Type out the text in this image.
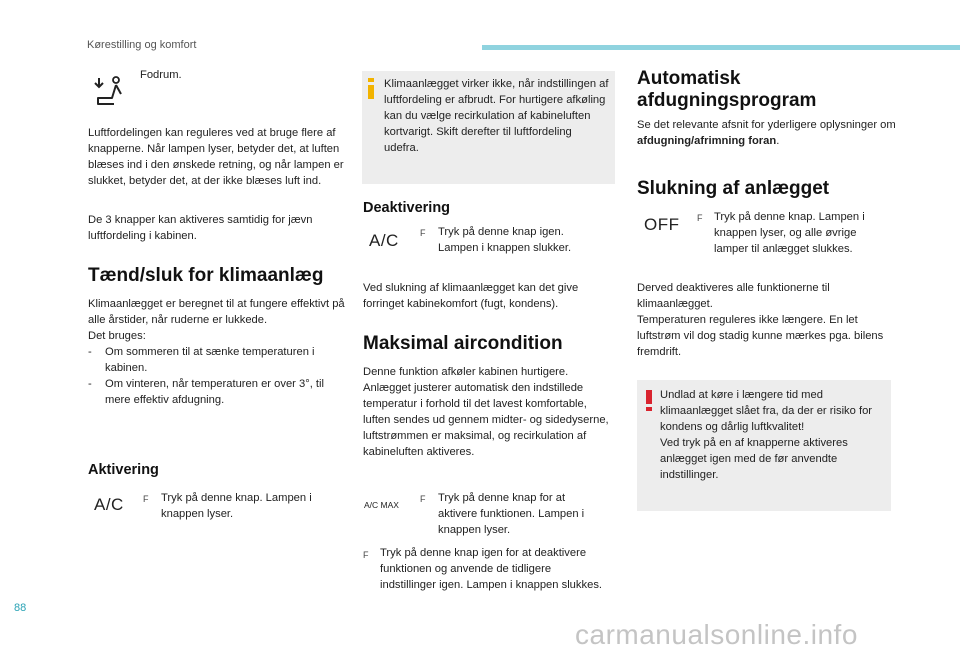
Kørestilling og komfort
Fodrum.
Luftfordelingen kan reguleres ved at bruge flere af knapperne. Når lampen lyser, betyder det, at luften blæses ind i den ønskede retning, og når lampen er slukket, betyder det, at der ikke blæses luft ind.
De 3 knapper kan aktiveres samtidig for jævn luftfordeling i kabinen.
Tænd/sluk for klimaanlæg
Klimaanlægget er beregnet til at fungere effektivt på alle årstider, når ruderne er lukkede.
Det bruges:
-	Om sommeren til at sænke temperaturen i kabinen.
-	Om vinteren, når temperaturen er over 3°, til mere effektiv afdugning.
Aktivering
A/C F Tryk på denne knap. Lampen i knappen lyser.
Klimaanlægget virker ikke, når indstillingen af luftfordeling er afbrudt. For hurtigere afkøling kan du vælge recirkulation af kabineluften kortvarigt. Skift derefter til luftfordeling udefra.
Deaktivering
A/C F Tryk på denne knap igen. Lampen i knappen slukker.
Ved slukning af klimaanlægget kan det give forringet kabinekomfort (fugt, kondens).
Maksimal aircondition
Denne funktion afkøler kabinen hurtigere. Anlægget justerer automatisk den indstillede temperatur i forhold til det lavest komfortable, luften sendes ud gennem midter- og sidedyserne, luftstrømmen er maksimal, og recirkulation af kabineluften aktiveres.
A/C MAX
F Tryk på denne knap for at aktivere funktionen. Lampen i knappen lyser.
F Tryk på denne knap igen for at deaktivere funktionen og anvende de tidligere indstillinger igen. Lampen i knappen slukkes.
Automatisk
afdugningsprogram
Se det relevante afsnit for yderligere oplysninger om afdugning/afrimning foran.
Slukning af anlægget
OFF F Tryk på denne knap. Lampen i knappen lyser, og alle øvrige lamper til anlægget slukkes.
Derved deaktiveres alle funktionerne til klimaanlægget.
Temperaturen reguleres ikke længere. En let luftstrøm vil dog stadig kunne mærkes pga. bilens fremdrift.
Undlad at køre i længere tid med klimaanlægget slået fra, da der er risiko for kondens og dårlig luftkvalitet!
Ved tryk på en af knapperne aktiveres anlægget igen med de før anvendte indstillinger.
88
carmanualsonline.info
